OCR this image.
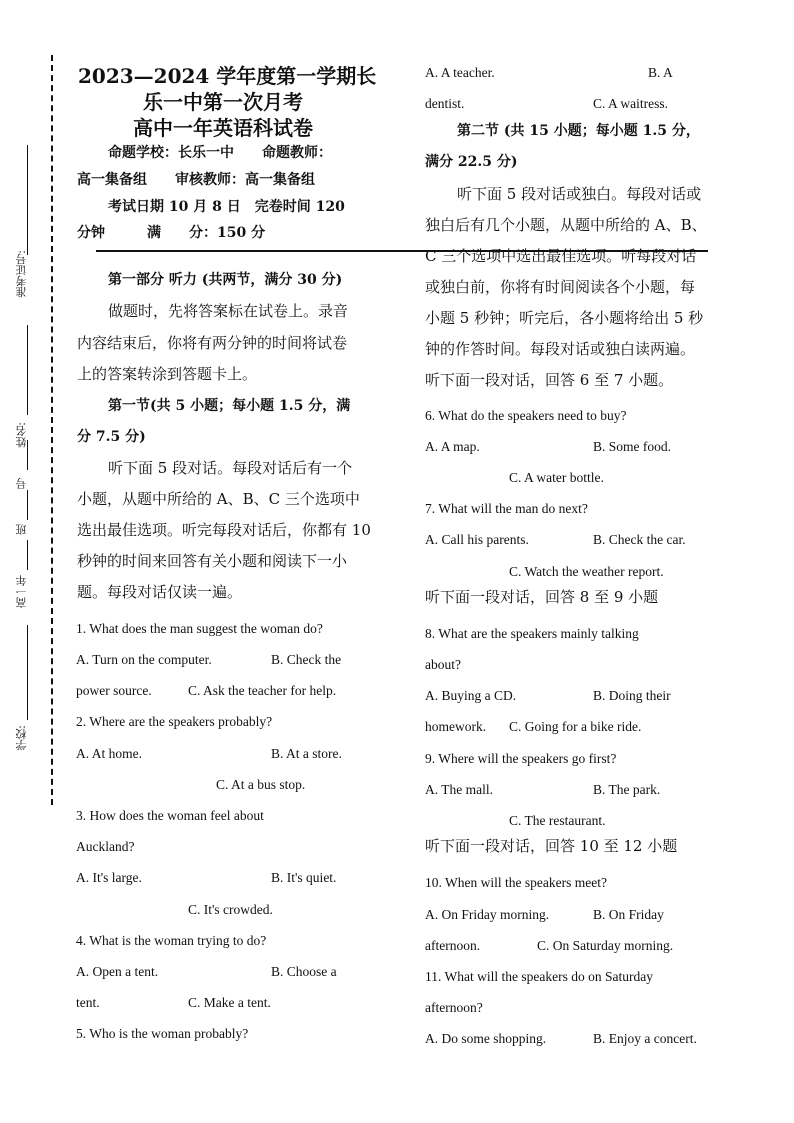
准考证号:
姓名:
号
班
高一年
学校:
2023—2024 学年度第一学期长
乐一中第一次月考
高中一年英语科试卷
命题学校：长乐一中　　命题教师：
高一集备组　　审核教师：高一集备组
考试日期 10 月 8 日　完卷时间 120
分钟　　　满　　分：150 分
第一部分 听力 (共两节，满分 30 分)
做题时，先将答案标在试卷上。录音
内容结束后，你将有两分钟的时间将试卷
上的答案转涂到答题卡上。
第一节(共 5 小题；每小题 1.5 分，满
分 7.5 分)
听下面 5 段对话。每段对话后有一个
小题，从题中所给的 A、B、C 三个选项中
选出最佳选项。听完每段对话后，你都有 10
秒钟的时间来回答有关小题和阅读下一小
题。每段对话仅读一遍。
1. What does the man suggest the woman do?
A. Turn on the computer.	B. Check the
power source.	C. Ask the teacher for help.
2. Where are the speakers probably?
A. At home.	B. At a store.
C. At a bus stop.
3. How does the woman feel about
Auckland?
A. It's large.	B. It's quiet.
C. It's crowded.
4. What is the woman trying to do?
A. Open a tent.	B. Choose a
tent.	C. Make a tent.
5. Who is the woman probably?
A. A teacher.	B. A
dentist.	C. A waitress.
第二节 (共 15 小题；每小题 1.5 分，
满分 22.5 分)
听下面 5 段对话或独白。每段对话或
独白后有几个小题，从题中所给的 A、B、
C 三个选项中选出最佳选项。听每段对话
或独白前，你将有时间阅读各个小题，每
小题 5 秒钟；听完后，各小题将给出 5 秒
钟的作答时间。每段对话或独白读两遍。
听下面一段对话，回答 6 至 7 小题。
6. What do the speakers need to buy?
A. A map.	B. Some food.
C. A water bottle.
7. What will the man do next?
A. Call his parents.	B. Check the car.
C. Watch the weather report.
听下面一段对话，回答 8 至 9 小题
8. What are the speakers mainly talking
about?
A. Buying a CD.	B. Doing their
homework. C. Going for a bike ride.
9. Where will the speakers go first?
A. The mall.	B. The park.
C. The restaurant.
听下面一段对话，回答 10 至 12 小题
10. When will the speakers meet?
A. On Friday morning.	B. On Friday
afternoon.	C. On Saturday morning.
11. What will the speakers do on Saturday
afternoon?
A. Do some shopping.	B. Enjoy a concert.
